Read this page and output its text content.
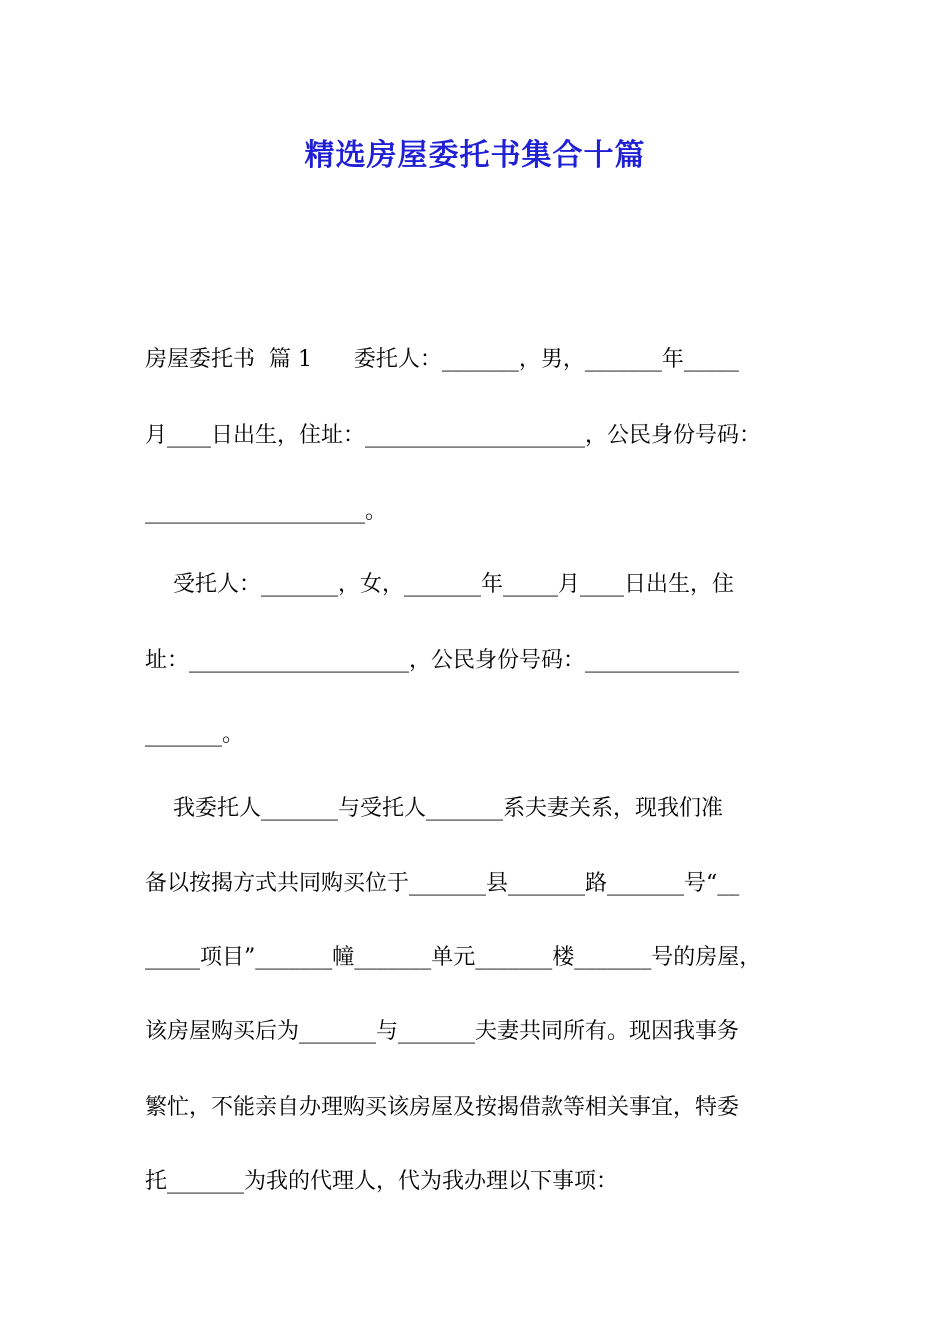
精选房屋委托书集合十篇
房屋委托书  篇 1      委托人：_______，男，_______年_____
月____日出生，住址：____________________，公民身份号码：
____________________。
受托人：_______，女，_______年_____月____日出生，住
址：____________________，公民身份号码：______________
_______。
我委托人_______与受托人_______系夫妻关系，现我们准
备以按揭方式共同购买位于_______县_______路_______号“__
_____项目”_______幢_______单元_______楼_______号的房屋，
该房屋购买后为_______与_______夫妻共同所有。现因我事务
繁忙，不能亲自办理购买该房屋及按揭借款等相关事宜，特委
托_______为我的代理人，代为我办理以下事项：
